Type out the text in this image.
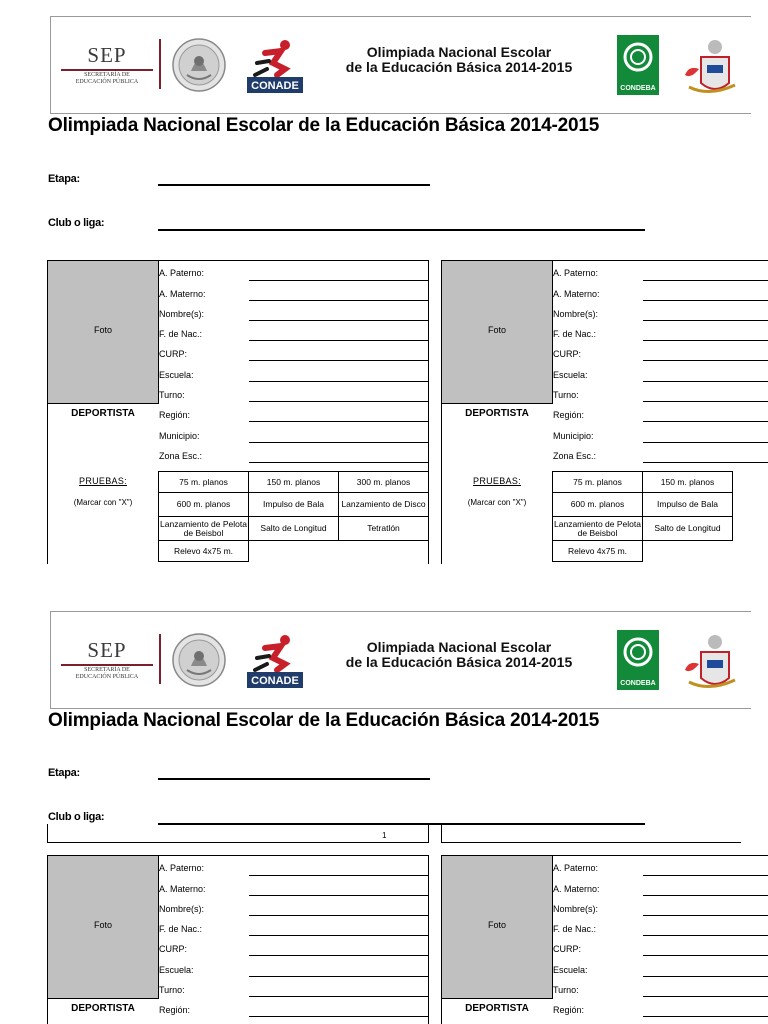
SEP
SECRETARÍA DE
EDUCACIÓN PÚBLICA	CONADE
Olimpiada Nacional Escolar
de la Educación Básica 2014-2015
CONDEBA
Olimpiada Nacional Escolar de la Educación Básica 2014-2015
Etapa:
Club o liga:
Foto
DEPORTISTA
PRUEBAS:
(Marcar con "X")
A. Paterno:
A. Materno:
Nombre(s):
F. de Nac.:
CURP:
Escuela:
Turno:
Región:
Municipio:
Zona Esc.:
75 m. planos	150 m. planos	300 m. planos
600 m. planos	Impulso de Bala	Lanzamiento de Disco
Lanzamiento de Pelota de Beisbol	Salto de Longitud	Tetratlón
Relevo 4x75 m.
Foto
DEPORTISTA
PRUEBAS:
(Marcar con "X")
A. Paterno:
A. Materno:
Nombre(s):
F. de Nac.:
CURP:
Escuela:
Turno:
Región:
Municipio:
Zona Esc.:
75 m. planos	150 m. planos
600 m. planos	Impulso de Bala
Lanzamiento de Pelota de Beisbol	Salto de Longitud
Relevo 4x75 m.
SEP
SECRETARÍA DE
EDUCACIÓN PÚBLICA	CONADE
Olimpiada Nacional Escolar
de la Educación Básica 2014-2015
CONDEBA
Olimpiada Nacional Escolar de la Educación Básica 2014-2015
Etapa:
Club o liga:
1
Foto
DEPORTISTA
A. Paterno:
A. Materno:
Nombre(s):
F. de Nac.:
CURP:
Escuela:
Turno:
Región:
Foto
DEPORTISTA
A. Paterno:
A. Materno:
Nombre(s):
F. de Nac.:
CURP:
Escuela:
Turno:
Región:
